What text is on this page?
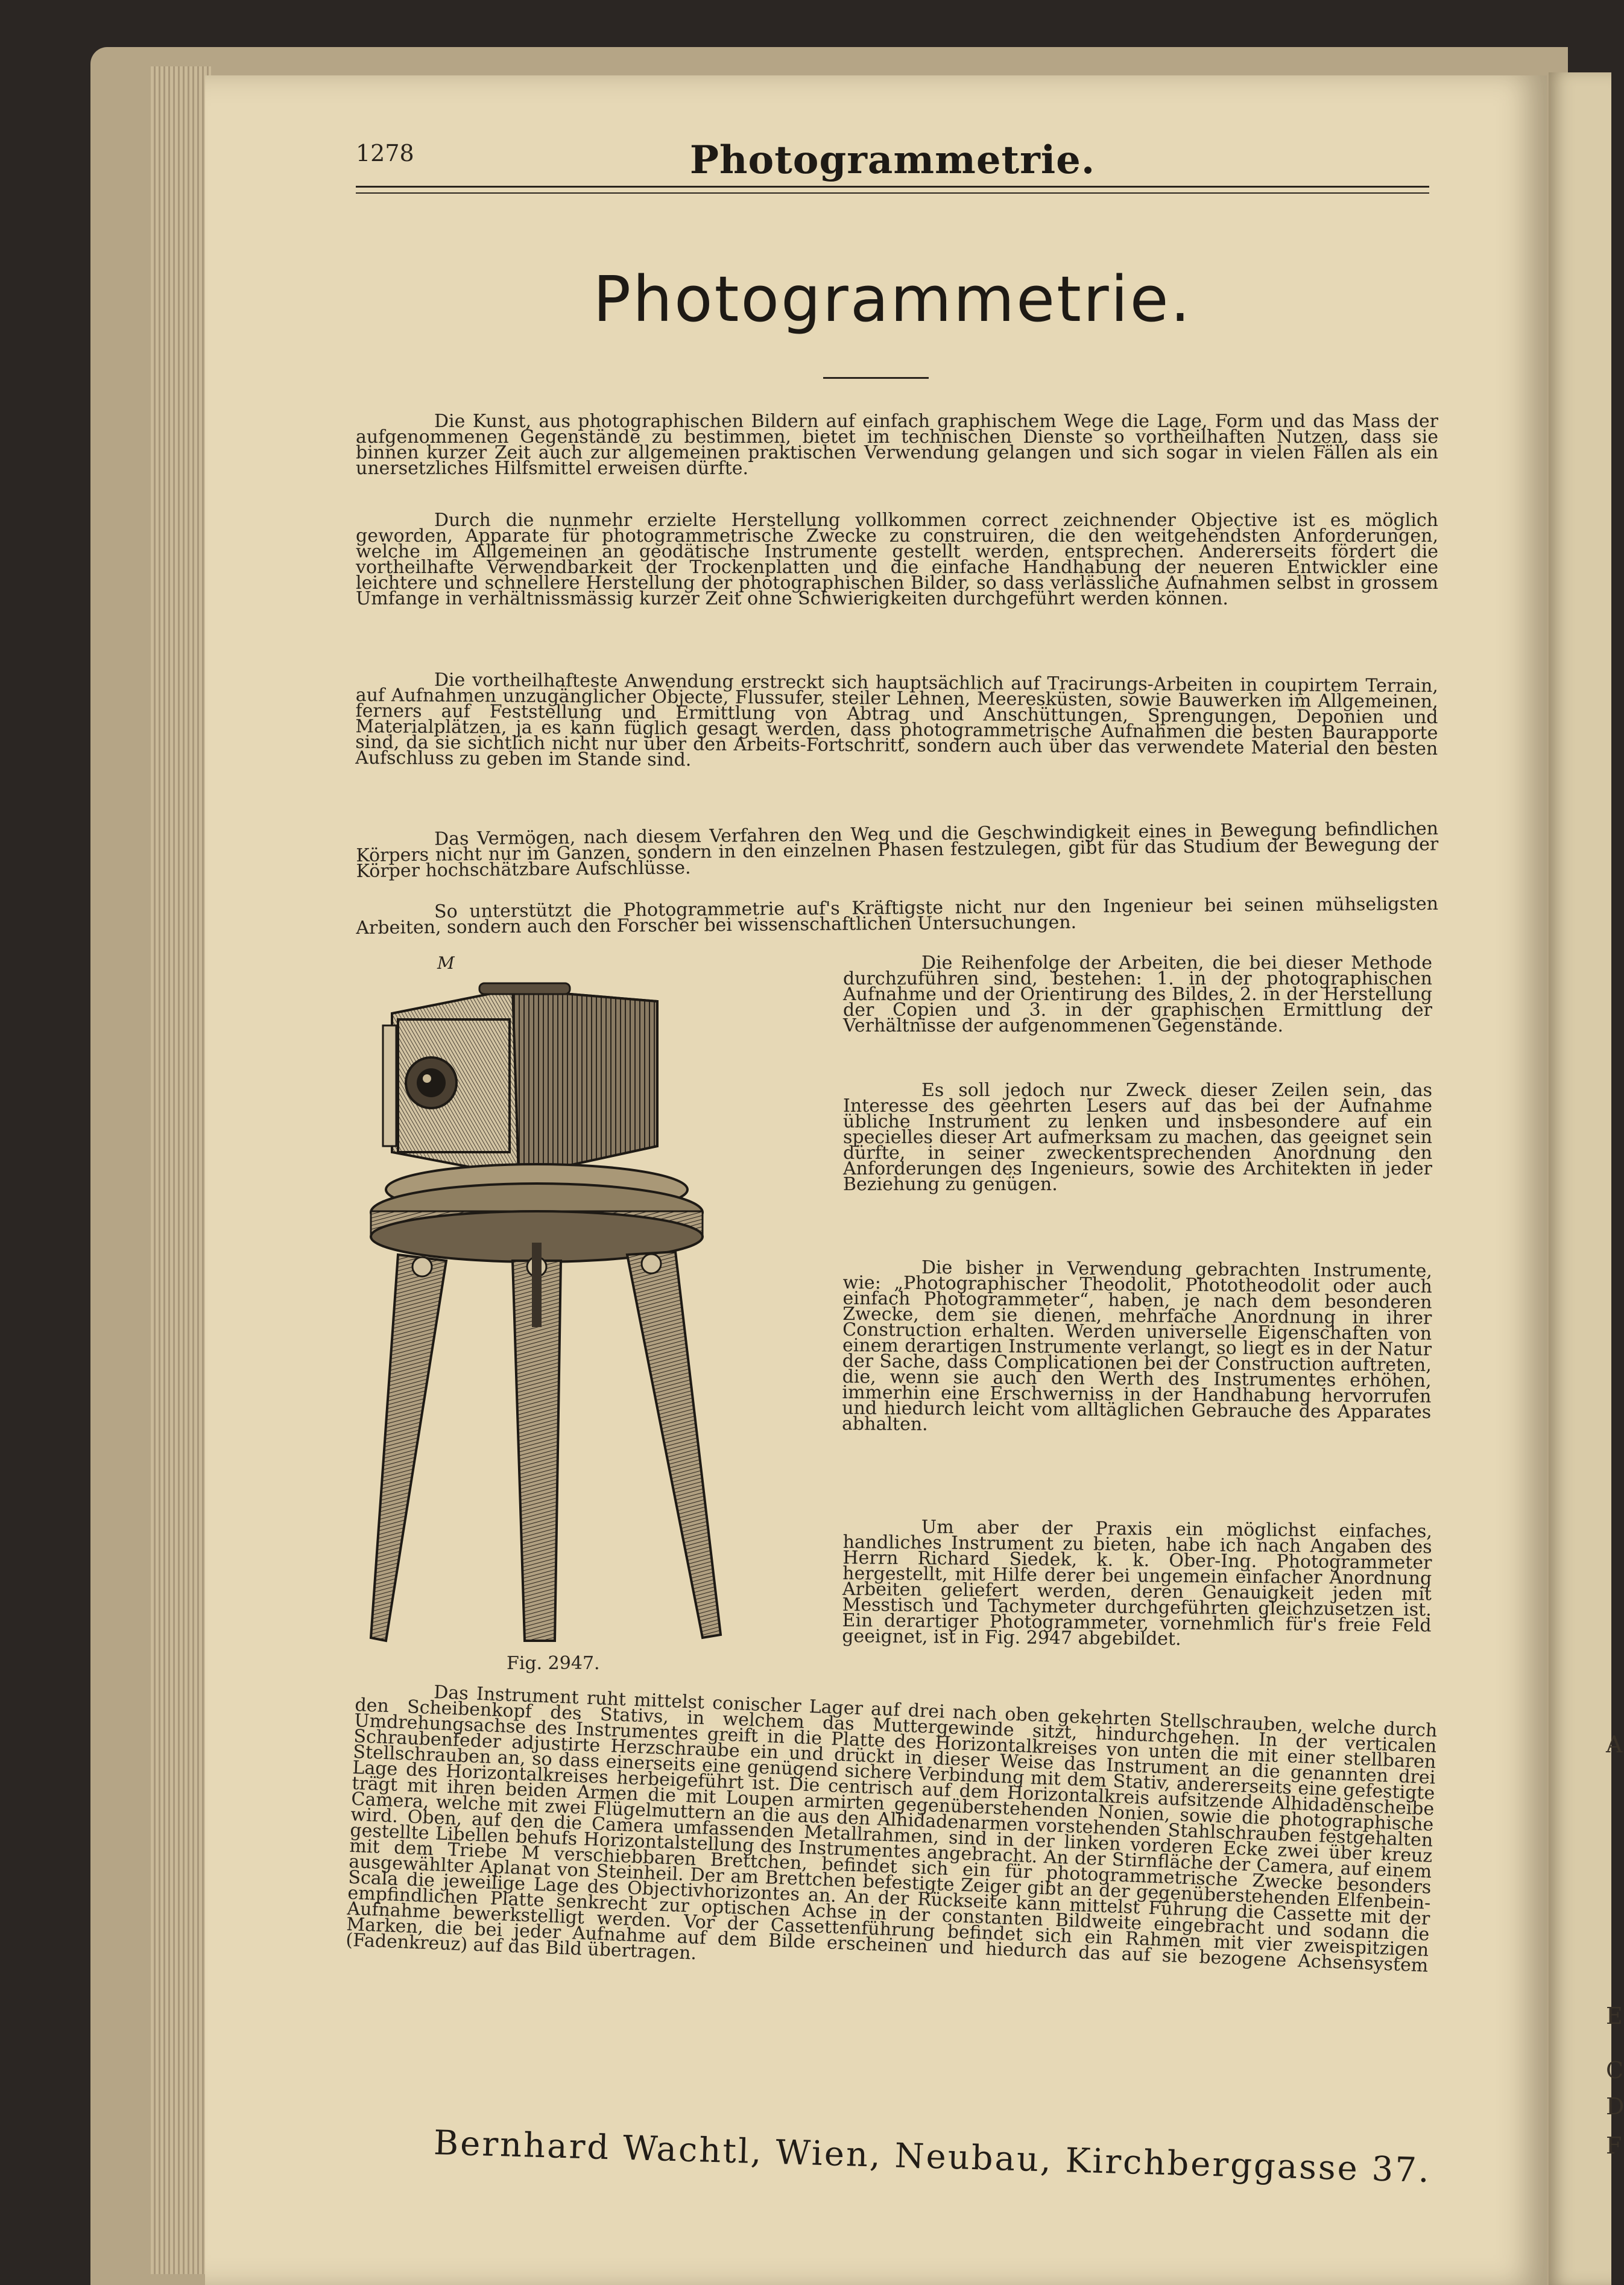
A
E
C
D
F
1278	Photogrammetrie.
Photogrammetrie.

Die Kunst, aus photographischen Bildern auf einfach graphischem Wege die Lage, Form und das Mass der aufgenommenen Gegenstände zu bestimmen, bietet im technischen Dienste so vortheilhaften Nutzen, dass sie binnen kurzer Zeit auch zur allgemeinen praktischen Verwendung gelangen und sich sogar in vielen Fällen als ein unersetzliches Hilfsmittel erweisen dürfte.

Durch die nunmehr erzielte Herstellung vollkommen correct zeichnender Objective ist es möglich geworden, Apparate für photogrammetrische Zwecke zu construiren, die den weitgehendsten Anforderungen, welche im Allgemeinen an geodätische Instrumente gestellt werden, entsprechen. Andererseits fördert die vortheilhafte Verwendbarkeit der Trockenplatten und die einfache Handhabung der neueren Entwickler eine leichtere und schnellere Herstellung der photographischen Bilder, so dass verlässliche Aufnahmen selbst in grossem Umfange in verhältnissmässig kurzer Zeit ohne Schwierigkeiten durchgeführt werden können.

Die vortheilhafteste Anwendung erstreckt sich hauptsächlich auf Tracirungs-Arbeiten in coupirtem Terrain, auf Aufnahmen unzugänglicher Objecte, Flussufer, steiler Lehnen, Meeresküsten, sowie Bauwerken im Allgemeinen, ferners auf Feststellung und Ermittlung von Abtrag und Anschüttungen, Sprengungen, Deponien und Materialplätzen, ja es kann füglich gesagt werden, dass photogrammetrische Aufnahmen die besten Baurapporte sind, da sie sichtlich nicht nur über den Arbeits-Fortschritt, sondern auch über das verwendete Material den besten Aufschluss zu geben im Stande sind.

Das Vermögen, nach diesem Verfahren den Weg und die Geschwindigkeit eines in Bewegung befindlichen Körpers nicht nur im Ganzen, sondern in den einzelnen Phasen festzulegen, gibt für das Studium der Bewegung der Körper hochschätzbare Aufschlüsse.

So unterstützt die Photogrammetrie auf's Kräftigste nicht nur den Ingenieur bei seinen mühseligsten Arbeiten, sondern auch den Forscher bei wissenschaftlichen Untersuchungen.

Die Reihenfolge der Arbeiten, die bei dieser Methode durchzuführen sind, bestehen: 1. in der photographischen Aufnahme und der Orientirung des Bildes, 2. in der Herstellung der Copien und 3. in der graphischen Ermittlung der Verhältnisse der aufgenommenen Gegenstände.

Es soll jedoch nur Zweck dieser Zeilen sein, das Interesse des geehrten Lesers auf das bei der Aufnahme übliche Instrument zu lenken und insbesondere auf ein specielles dieser Art aufmerksam zu machen, das geeignet sein dürfte, in seiner zweckentsprechenden Anordnung den Anforderungen des Ingenieurs, sowie des Architekten in jeder Beziehung zu genügen.

Die bisher in Verwendung gebrachten Instrumente, wie: „Photographischer Theodolit, Phototheodolit oder auch einfach Photogrammeter“, haben, je nach dem besonderen Zwecke, dem sie dienen, mehrfache Anordnung in ihrer Construction erhalten. Werden universelle Eigenschaften von einem derartigen Instrumente verlangt, so liegt es in der Natur der Sache, dass Complicationen bei der Construction auftreten, die, wenn sie auch den Werth des Instrumentes erhöhen, immerhin eine Erschwerniss in der Handhabung hervorrufen und hiedurch leicht vom alltäglichen Gebrauche des Apparates abhalten.

Um aber der Praxis ein möglichst einfaches, handliches Instrument zu bieten, habe ich nach Angaben des Herrn Richard Siedek, k. k. Ober-Ing. Photogrammeter hergestellt, mit Hilfe derer bei ungemein einfacher Anordnung Arbeiten geliefert werden, deren Genauigkeit jeden mit Messtisch und Tachymeter durchgeführten gleichzusetzen ist. Ein derartiger Photogrammeter, vornehmlich für's freie Feld geeignet, ist in Fig. 2947 abgebildet.

Das Instrument ruht mittelst conischer Lager auf drei nach oben gekehrten Stellschrauben, welche durch den Scheibenkopf des Stativs, in welchem das Muttergewinde sitzt, hindurchgehen. In der verticalen Umdrehungsachse des Instrumentes greift in die Platte des Horizontalkreises von unten die mit einer stellbaren Schraubenfeder adjustirte Herzschraube ein und drückt in dieser Weise das Instrument an die genannten drei Stellschrauben an, so dass einerseits eine genügend sichere Verbindung mit dem Stativ, andererseits eine gefestigte Lage des Horizontalkreises herbeigeführt ist. Die centrisch auf dem Horizontalkreis aufsitzende Alhidadenscheibe trägt mit ihren beiden Armen die mit Loupen armirten gegenüberstehenden Nonien, sowie die photographische Camera, welche mit zwei Flügelmuttern an die aus den Alhidadenarmen vorstehenden Stahlschrauben festgehalten wird. Oben, auf den die Camera umfassenden Metallrahmen, sind in der linken vorderen Ecke zwei über kreuz gestellte Libellen behufs Horizontalstellung des Instrumentes angebracht. An der Stirnfläche der Camera, auf einem mit dem Triebe M verschiebbaren Brettchen, befindet sich ein für photogrammetrische Zwecke besonders ausgewählter Aplanat von Steinheil. Der am Brettchen befestigte Zeiger gibt an der gegenüberstehenden Elfenbein-Scala die jeweilige Lage des Objectivhorizontes an. An der Rückseite kann mittelst Führung die Cassette mit der empfindlichen Platte senkrecht zur optischen Achse in der constanten Bildweite eingebracht und sodann die Aufnahme bewerkstelligt werden. Vor der Cassettenführung befindet sich ein Rahmen mit vier zweispitzigen Marken, die bei jeder Aufnahme auf dem Bilde erscheinen und hiedurch das auf sie bezogene Achsensystem (Fadenkreuz) auf das Bild übertragen.

M
Fig. 2947.
Bernhard Wachtl, Wien, Neubau, Kirchberggasse 37.
